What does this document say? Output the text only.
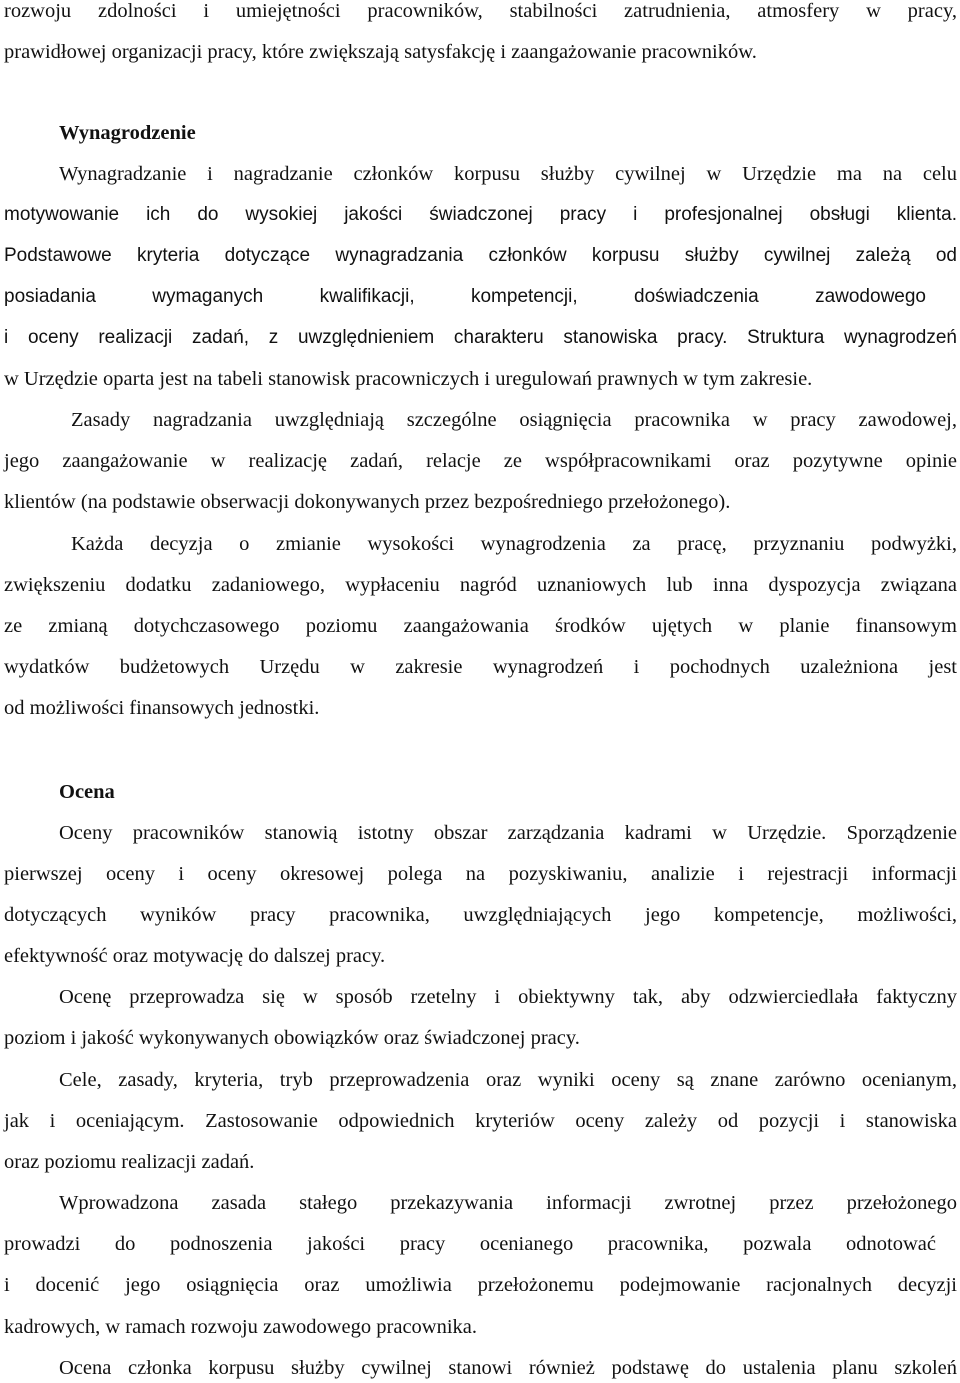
rozwoju zdolności i umiejętności pracowników, stabilności zatrudnienia, atmosfery w pracy,
prawidłowej organizacji pracy, które zwiększają satysfakcję i zaangażowanie pracowników.
Wynagrodzenie
Wynagradzanie i nagradzanie członków korpusu służby cywilnej w Urzędzie ma na celu
motywowanie ich do wysokiej jakości świadczonej pracy i profesjonalnej obsługi klienta.
Podstawowe kryteria dotyczące wynagradzania członków korpusu służby cywilnej zależą od
posiadania wymaganych kwalifikacji, kompetencji, doświadczenia zawodowego
i oceny realizacji zadań, z uwzględnieniem charakteru stanowiska pracy. Struktura wynagrodzeń
w Urzędzie oparta jest na tabeli stanowisk pracowniczych i uregulowań prawnych w tym zakresie.
Zasady nagradzania uwzględniają szczególne osiągnięcia pracownika w pracy zawodowej,
jego zaangażowanie w realizację zadań, relacje ze współpracownikami oraz pozytywne opinie
klientów (na podstawie obserwacji dokonywanych przez bezpośredniego przełożonego).
Każda decyzja o zmianie wysokości wynagrodzenia za pracę, przyznaniu podwyżki,
zwiększeniu dodatku zadaniowego, wypłaceniu nagród uznaniowych lub inna dyspozycja związana
ze zmianą dotychczasowego poziomu zaangażowania środków ujętych w planie finansowym
wydatków budżetowych Urzędu w zakresie wynagrodzeń i pochodnych uzależniona jest
od możliwości finansowych jednostki.
Ocena
Oceny pracowników stanowią istotny obszar zarządzania kadrami w Urzędzie. Sporządzenie
pierwszej oceny i oceny okresowej polega na pozyskiwaniu, analizie i rejestracji informacji
dotyczących wyników pracy pracownika, uwzględniających jego kompetencje, możliwości,
efektywność oraz motywację do dalszej pracy.
Ocenę przeprowadza się w sposób rzetelny i obiektywny tak, aby odzwierciedlała faktyczny
poziom i jakość wykonywanych obowiązków oraz świadczonej pracy.
Cele, zasady, kryteria, tryb przeprowadzenia oraz wyniki oceny są znane zarówno ocenianym,
jak i oceniającym. Zastosowanie odpowiednich kryteriów oceny zależy od pozycji i stanowiska
oraz poziomu realizacji zadań.
Wprowadzona zasada stałego przekazywania informacji zwrotnej przez przełożonego
prowadzi do podnoszenia jakości pracy ocenianego pracownika, pozwala odnotować
i docenić jego osiągnięcia oraz umożliwia przełożonemu podejmowanie racjonalnych decyzji
kadrowych, w ramach rozwoju zawodowego pracownika.
Ocena członka korpusu służby cywilnej stanowi również podstawę do ustalenia planu szkoleń
